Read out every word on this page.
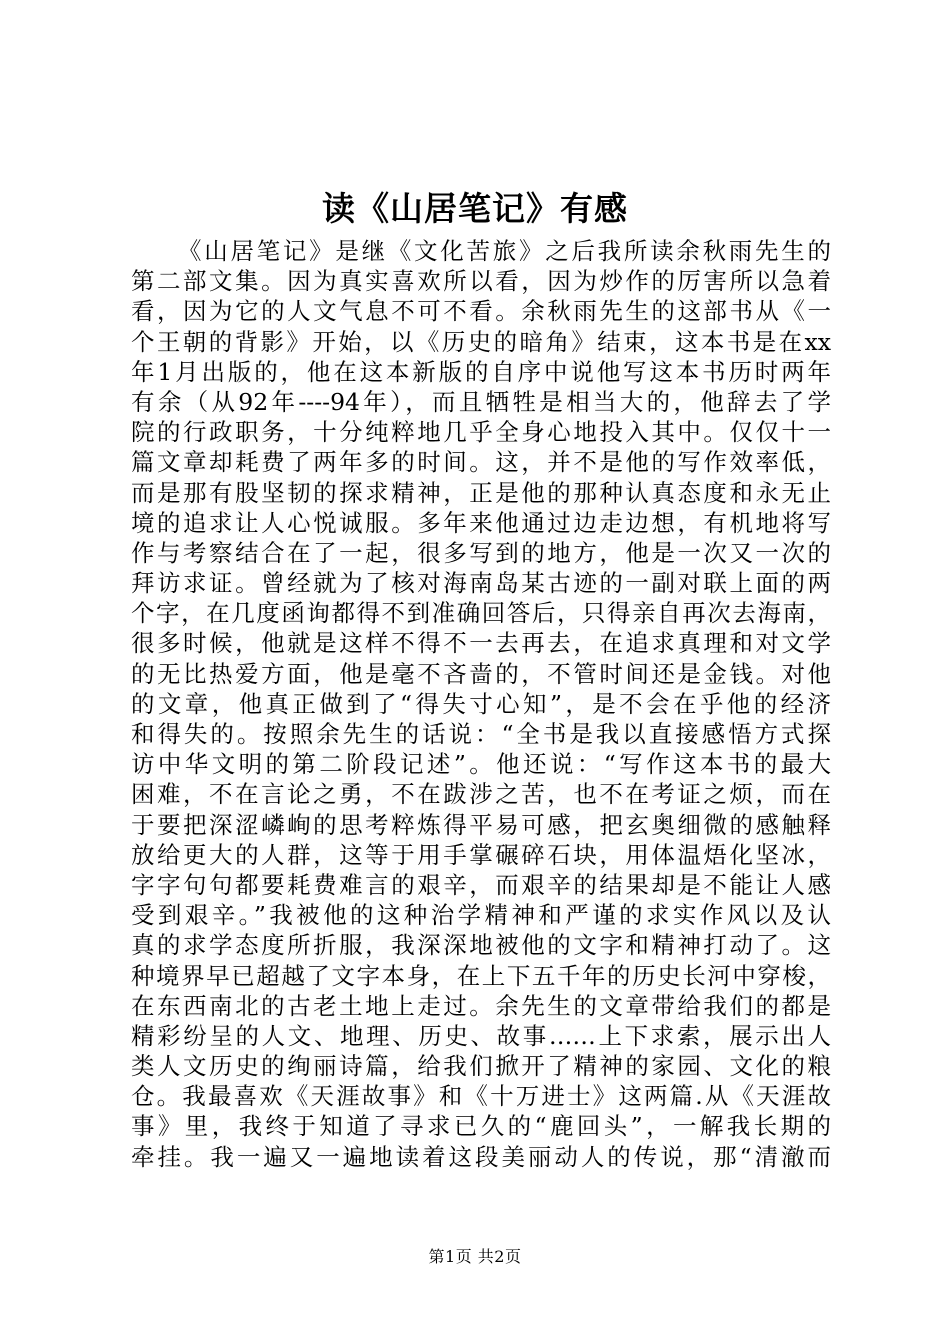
读《山居笔记》有感
《山居笔记》是继《文化苦旅》之后我所读余秋雨先生的
第二部文集。因为真实喜欢所以看，因为炒作的厉害所以急着
看，因为它的人文气息不可不看。余秋雨先生的这部书从《一
个王朝的背影》开始，以《历史的暗角》结束，这本书是在xx
年1月出版的，他在这本新版的自序中说他写这本书历时两年
有余（从92年----94年），而且牺牲是相当大的，他辞去了学
院的行政职务，十分纯粹地几乎全身心地投入其中。仅仅十一
篇文章却耗费了两年多的时间。这，并不是他的写作效率低，
而是那有股坚韧的探求精神，正是他的那种认真态度和永无止
境的追求让人心悦诚服。多年来他通过边走边想，有机地将写
作与考察结合在了一起，很多写到的地方，他是一次又一次的
拜访求证。曾经就为了核对海南岛某古迹的一副对联上面的两
个字，在几度函询都得不到准确回答后，只得亲自再次去海南，
很多时候，他就是这样不得不一去再去，在追求真理和对文学
的无比热爱方面，他是毫不吝啬的，不管时间还是金钱。对他
的文章，他真正做到了“得失寸心知”，是不会在乎他的经济
和得失的。按照余先生的话说：“全书是我以直接感悟方式探
访中华文明的第二阶段记述”。他还说：“写作这本书的最大
困难，不在言论之勇，不在跋涉之苦，也不在考证之烦，而在
于要把深涩嶙峋的思考粹炼得平易可感，把玄奥细微的感触释
放给更大的人群，这等于用手掌碾碎石块，用体温焐化坚冰，
字字句句都要耗费难言的艰辛，而艰辛的结果却是不能让人感
受到艰辛。”我被他的这种治学精神和严谨的求实作风以及认
真的求学态度所折服，我深深地被他的文字和精神打动了。这
种境界早已超越了文字本身，在上下五千年的历史长河中穿梭，
在东西南北的古老土地上走过。余先生的文章带给我们的都是
精彩纷呈的人文、地理、历史、故事……上下求索，展示出人
类人文历史的绚丽诗篇，给我们掀开了精神的家园、文化的粮
仓。我最喜欢《天涯故事》和《十万进士》这两篇.从《天涯故
事》里，我终于知道了寻求已久的“鹿回头”，一解我长期的
牵挂。我一遍又一遍地读着这段美丽动人的传说，那“清澈而
第1页 共2页
